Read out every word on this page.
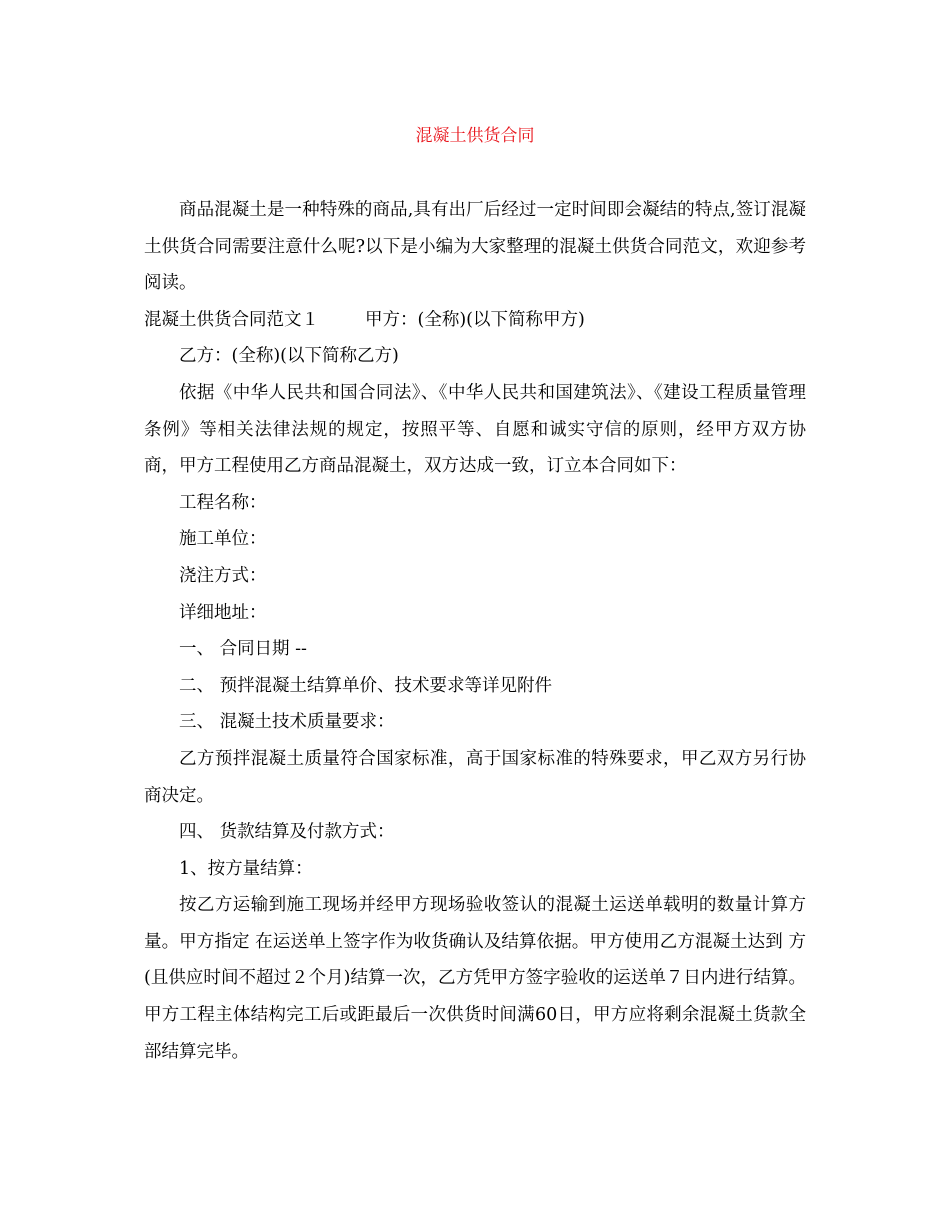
混凝土供货合同

商品混凝土是一种特殊的商品,具有出厂后经过一定时间即会凝结的特点,签订混凝土供货合同需要注意什么呢?以下是小编为大家整理的混凝土供货合同范文，欢迎参考阅读。

混凝土供货合同范文１	甲方：(全称)(以下简称甲方)

乙方：(全称)(以下简称乙方)

依据《中华人民共和国合同法》、《中华人民共和国建筑法》、《建设工程质量管理条例》等相关法律法规的规定，按照平等、自愿和诚实守信的原则，经甲方双方协商，甲方工程使用乙方商品混凝土，双方达成一致，订立本合同如下：

工程名称：

施工单位：

浇注方式：

详细地址：

一、 合同日期 --

二、 预拌混凝土结算单价、技术要求等详见附件

三、 混凝土技术质量要求：

乙方预拌混凝土质量符合国家标准，高于国家标准的特殊要求，甲乙双方另行协商决定。

四、 货款结算及付款方式：

1、按方量结算：

按乙方运输到施工现场并经甲方现场验收签认的混凝土运送单载明的数量计算方量。甲方指定 在运送单上签字作为收货确认及结算依据。甲方使用乙方混凝土达到 方(且供应时间不超过２个月)结算一次，乙方凭甲方签字验收的运送单７日内进行结算。甲方工程主体结构完工后或距最后一次供货时间满60日，甲方应将剩余混凝土货款全部结算完毕。
